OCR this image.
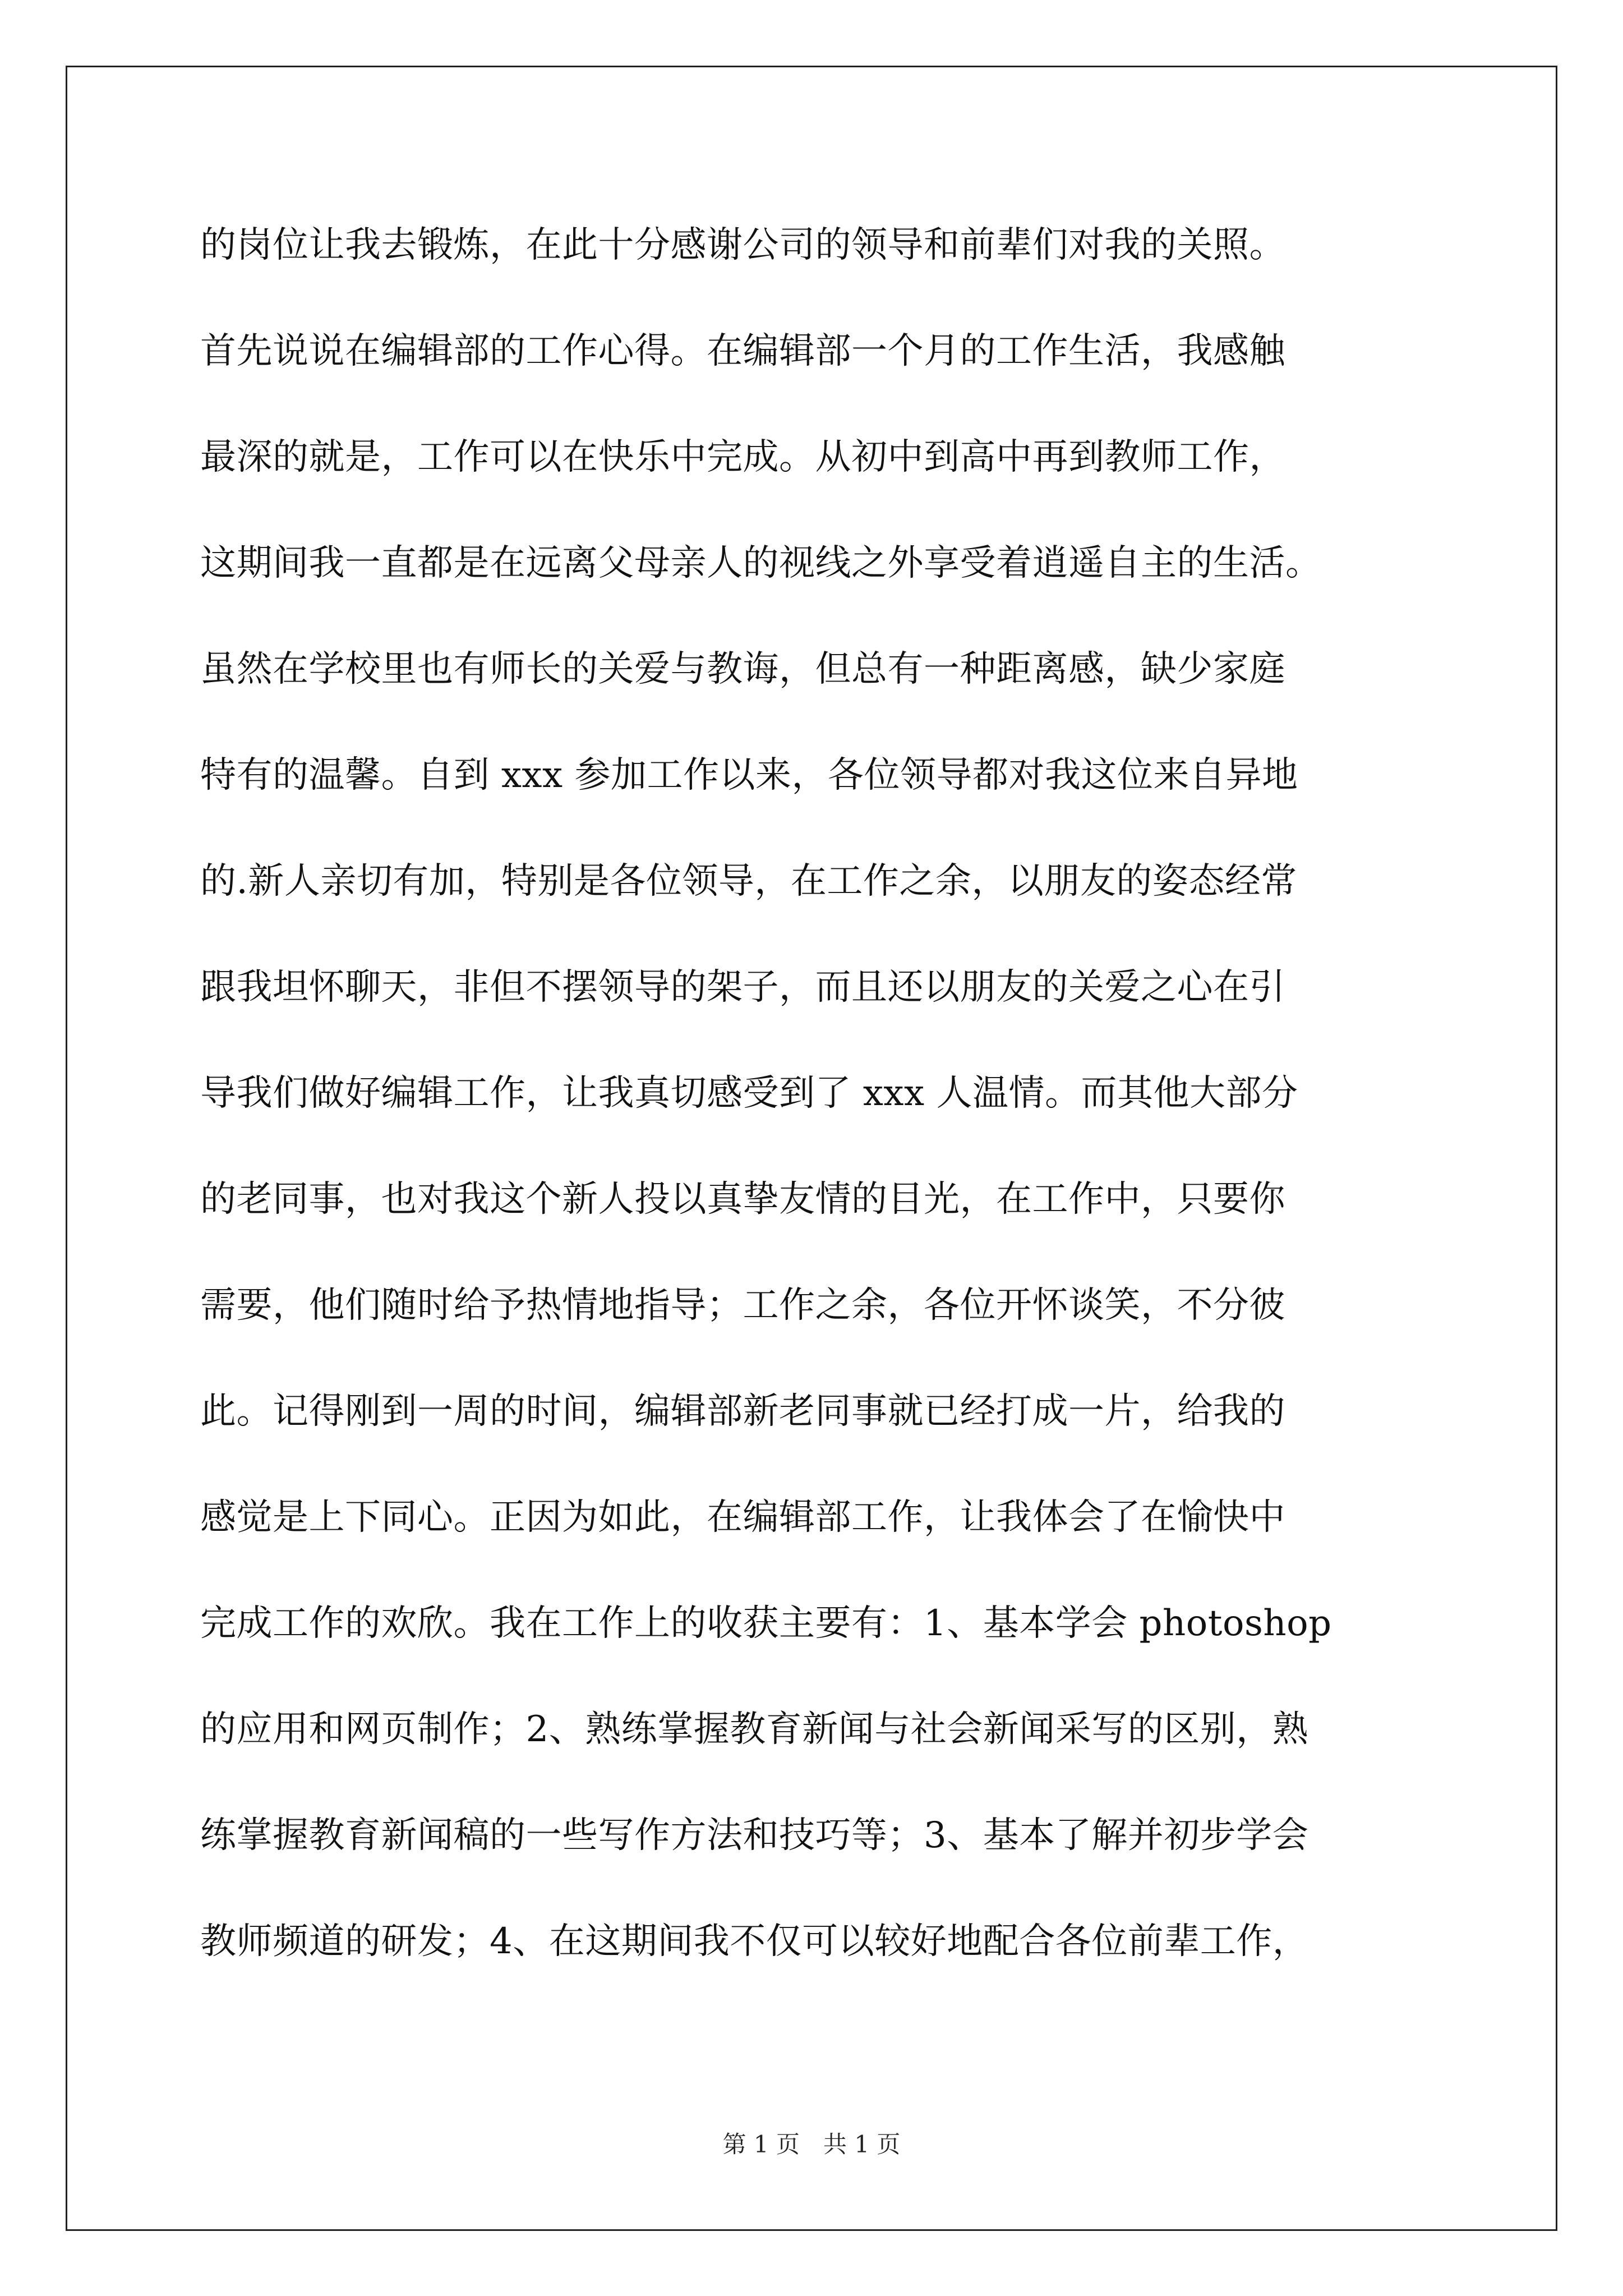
的岗位让我去锻炼，在此十分感谢公司的领导和前辈们对我的关照。
首先说说在编辑部的工作心得。在编辑部一个月的工作生活，我感触
最深的就是，工作可以在快乐中完成。从初中到高中再到教师工作，
这期间我一直都是在远离父母亲人的视线之外享受着逍遥自主的生活。
虽然在学校里也有师长的关爱与教诲，但总有一种距离感，缺少家庭
特有的温馨。自到 xxx 参加工作以来，各位领导都对我这位来自异地
的.新人亲切有加，特别是各位领导，在工作之余，以朋友的姿态经常
跟我坦怀聊天，非但不摆领导的架子，而且还以朋友的关爱之心在引
导我们做好编辑工作，让我真切感受到了 xxx 人温情。而其他大部分
的老同事，也对我这个新人投以真挚友情的目光，在工作中，只要你
需要，他们随时给予热情地指导；工作之余，各位开怀谈笑，不分彼
此。记得刚到一周的时间，编辑部新老同事就已经打成一片，给我的
感觉是上下同心。正因为如此，在编辑部工作，让我体会了在愉快中
完成工作的欢欣。我在工作上的收获主要有：1、基本学会 photoshop
的应用和网页制作；2、熟练掌握教育新闻与社会新闻采写的区别，熟
练掌握教育新闻稿的一些写作方法和技巧等；3、基本了解并初步学会
教师频道的研发；4、在这期间我不仅可以较好地配合各位前辈工作，
第 1 页　共 1 页
